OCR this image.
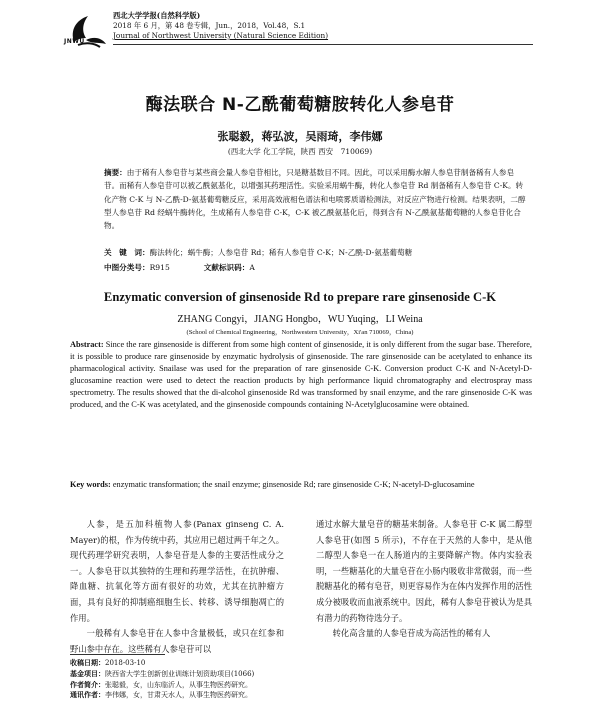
JNWU
西北大学学报(自然科学版)
2018 年 6 月，第 48 卷专辑，Jun.，2018，Vol.48，S.1
Journal of Northwest University (Natural Science Edition)
酶法联合 N-乙酰葡萄糖胺转化人参皂苷
张聪毅，蒋弘波，吴雨琦，李伟娜
(西北大学 化工学院，陕西 西安　710069)
摘要：由于稀有人参皂苷与某些商会量人参皂苷相比，只是糖基数目不同。因此，可以采用酶水解人参皂苷制备稀有人参皂苷。而稀有人参皂苷可以被乙酰氨基化，以增强其药理活性。实验采用蜗牛酶，转化人参皂苷 Rd 制备稀有人参皂苷 C-K。转化产物 C-K 与 N-乙酰-D-氨基葡萄糖反应，采用高效液相色谱法和电喷雾质谱检测法，对反应产物进行检测。结果表明，二醇型人参皂苷 Rd 经蜗牛酶转化，生成稀有人参皂苷 C-K，C-K 被乙酰氨基化后，得到含有 N-乙酰氨基葡萄糖的人参皂苷化合物。
关　键　词：酶法转化；蜗牛酶；人参皂苷 Rd；稀有人参皂苷 C-K；N-乙酰-D-氨基葡萄糖
中图分类号：R915	文献标识码：A
Enzymatic conversion of ginsenoside Rd to prepare rare ginsenoside C-K
ZHANG Congyi，JIANG Hongbo，WU Yuqing，LI Weina
(School of Chemical Engineering，Northwestern University，Xi'an 710069，China)
Abstract: Since the rare ginsenoside is different from some high content of ginsenoside, it is only different from the sugar base. Therefore, it is possible to produce rare ginsenoside by enzymatic hydrolysis of ginsenoside. The rare ginsenoside can be acetylated to enhance its pharmacological activity. Snailase was used for the preparation of rare ginsenoside C-K. Conversion product C-K and N-Acetyl-D-glucosamine reaction were used to detect the reaction products by high performance liquid chromatography and electrospray mass spectrometry. The results showed that the di-alcohol ginsenoside Rd was transformed by snail enzyme, and the rare ginsenoside C-K was produced, and the C-K was acetylated, and the ginsenoside compounds containing N-Acetylglucosamine were obtained.
Key words: enzymatic transformation; the snail enzyme; ginsenoside Rd; rare ginsenoside C-K; N-acetyl-D-glucosamine

人参，是五加科植物人参(Panax ginseng C. A. Mayer)的根，作为传统中药，其应用已超过两千年之久。现代药理学研究表明，人参皂苷是人参的主要活性成分之一。人参皂苷以其独特的生理和药理学活性，在抗肿瘤、降血糖、抗氧化等方面有很好的功效，尤其在抗肿瘤方面，具有良好的抑制癌细胞生长、转移、诱导细胞凋亡的作用。

一般稀有人参皂苷在人参中含量极低，或只在红参和野山参中存在。这些稀有人参皂苷可以

通过水解大量皂苷的糖基来制备。人参皂苷 C-K 属二醇型人参皂苷(如图 5 所示)，不存在于天然的人参中，是从他二醇型人参皂一在人肠道内的主要降解产物。体内实验表明，一些糖基化的大量皂苷在小肠内吸收非常微弱，而一些脱糖基化的稀有皂苷，则更容易作为在体内发挥作用的活性成分被吸收而血液系统中。因此，稀有人参皂苷被认为是具有潜力的药物待选分子。

转化高含量的人参皂苷成为高活性的稀有人

收稿日期：2018-03-10
基金项目：陕西省大学生创新创业训练计划资助项目(1066)
作者简介：张聪毅，女，山东临沂人，从事生物医药研究。
通讯作者：李伟娜，女，甘肃天水人，从事生物医药研究。
